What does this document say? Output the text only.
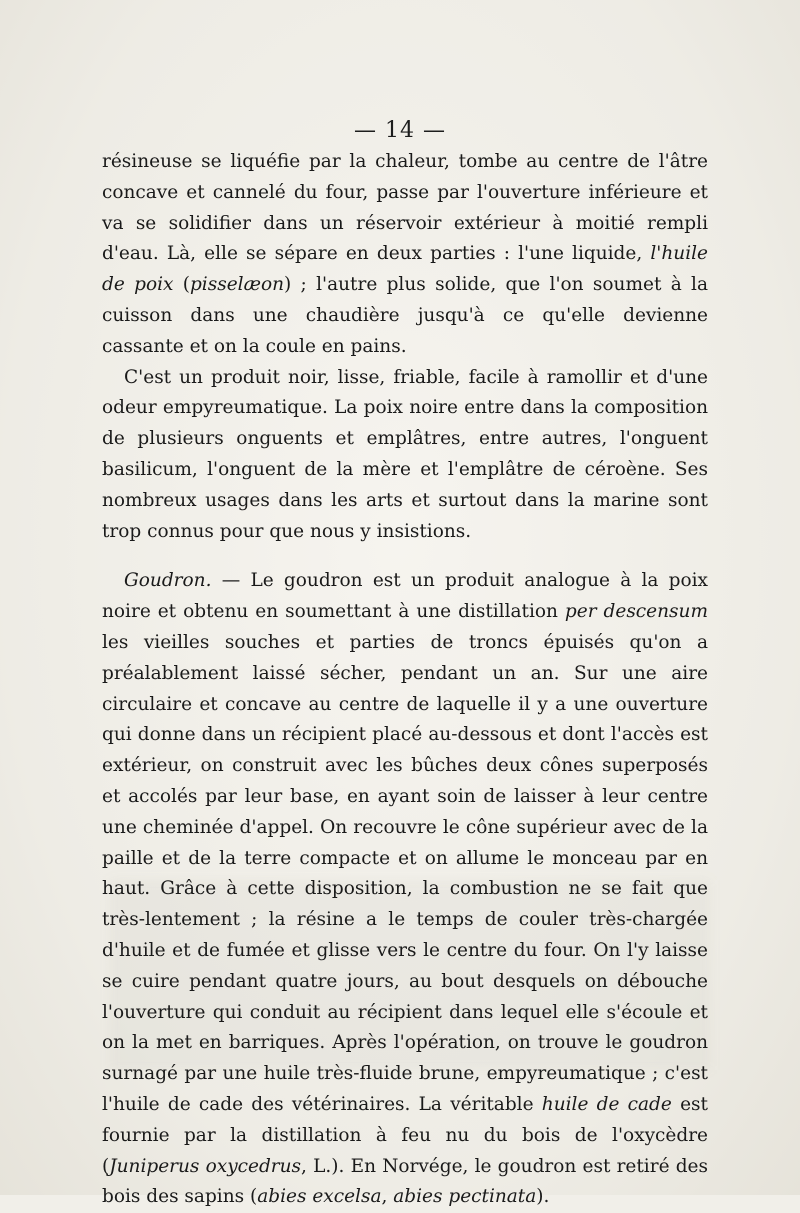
— 14 —

résineuse se liquéfie par la chaleur, tombe au centre de l'âtre concave et cannelé du four, passe par l'ouverture inférieure et va se solidifier dans un réservoir extérieur à moitié rempli d'eau. Là, elle se sépare en deux parties : l'une liquide, l'huile de poix (pisselæon) ; l'autre plus solide, que l'on soumet à la cuisson dans une chaudière jusqu'à ce qu'elle devienne cassante et on la coule en pains.

C'est un produit noir, lisse, friable, facile à ramollir et d'une odeur empyreumatique. La poix noire entre dans la composition de plusieurs onguents et emplâtres, entre autres, l'onguent basilicum, l'onguent de la mère et l'emplâtre de céroène. Ses nombreux usages dans les arts et surtout dans la marine sont trop connus pour que nous y insistions.

Goudron. — Le goudron est un produit analogue à la poix noire et obtenu en soumettant à une distillation per descensum les vieilles souches et parties de troncs épuisés qu'on a préalablement laissé sécher, pendant un an. Sur une aire circulaire et concave au centre de laquelle il y a une ouverture qui donne dans un récipient placé au-dessous et dont l'accès est extérieur, on construit avec les bûches deux cônes superposés et accolés par leur base, en ayant soin de laisser à leur centre une cheminée d'appel. On recouvre le cône supérieur avec de la paille et de la terre compacte et on allume le monceau par en haut. Grâce à cette disposition, la combustion ne se fait que très-lentement ; la résine a le temps de couler très-chargée d'huile et de fumée et glisse vers le centre du four. On l'y laisse se cuire pendant quatre jours, au bout desquels on débouche l'ouverture qui conduit au récipient dans lequel elle s'écoule et on la met en barriques. Après l'opération, on trouve le goudron surnagé par une huile très-fluide brune, empyreumatique ; c'est l'huile de cade des vétérinaires. La véritable huile de cade est fournie par la distillation à feu nu du bois de l'oxycèdre (Juniperus oxycedrus, L.). En Norvége, le goudron est retiré des bois des sapins (abies excelsa, abies pectinata).
